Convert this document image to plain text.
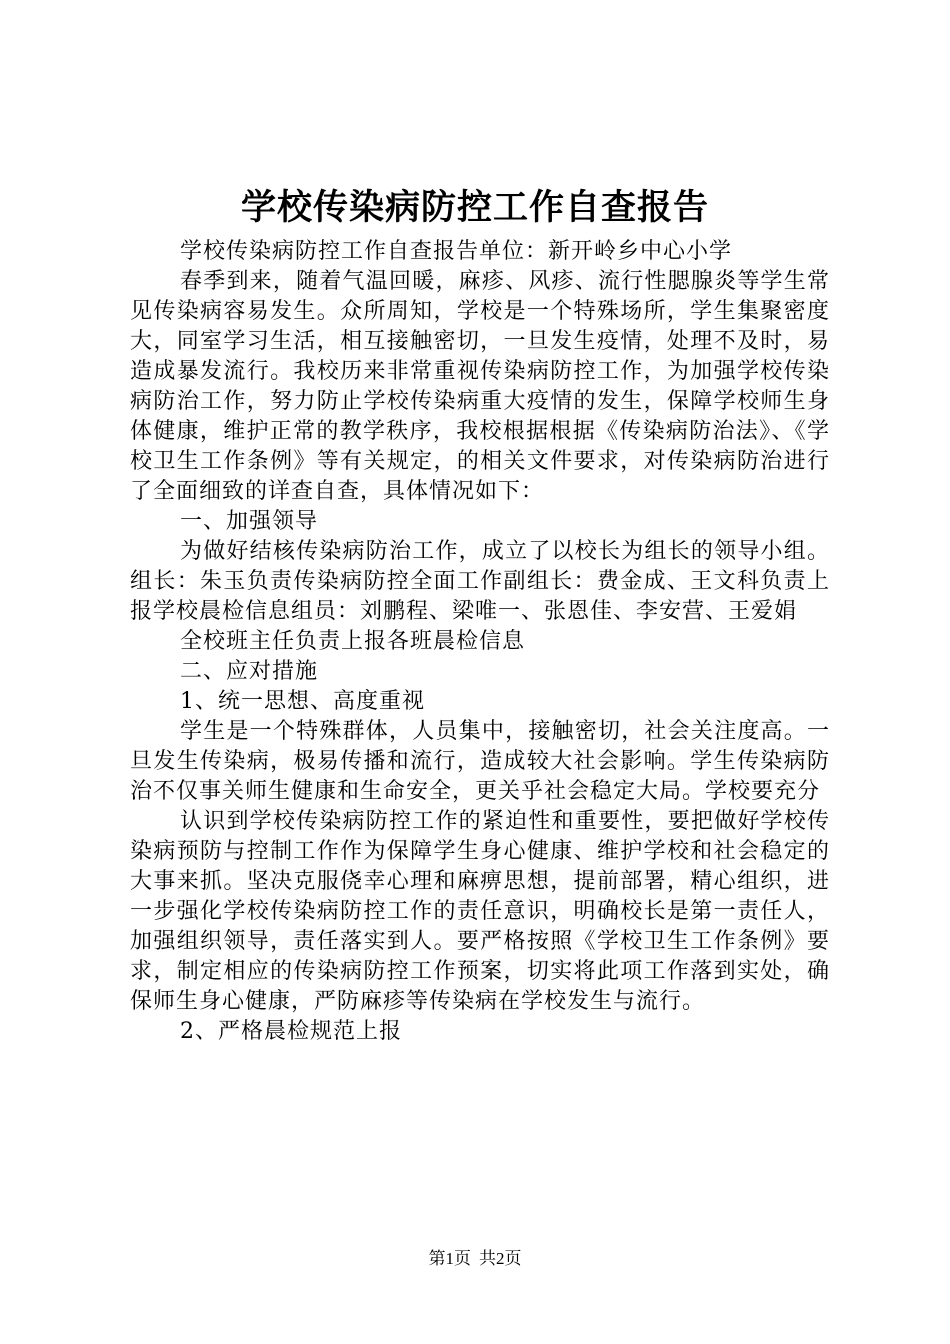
学校传染病防控工作自查报告

学校传染病防控工作自查报告单位：新开岭乡中心小学

春季到来，随着气温回暖，麻疹、风疹、流行性腮腺炎等学生常见传染病容易发生。众所周知，学校是一个特殊场所，学生集聚密度大，同室学习生活，相互接触密切，一旦发生疫情，处理不及时，易造成暴发流行。我校历来非常重视传染病防控工作，为加强学校传染病防治工作，努力防止学校传染病重大疫情的发生，保障学校师生身体健康，维护正常的教学秩序，我校根据根据《传染病防治法》、《学校卫生工作条例》等有关规定，的相关文件要求，对传染病防治进行了全面细致的详查自查，具体情况如下：

一、加强领导

为做好结核传染病防治工作，成立了以校长为组长的领导小组。组长：朱玉负责传染病防控全面工作副组长：费金成、王文科负责上报学校晨检信息组员：刘鹏程、梁唯一、张恩佳、李安营、王爱娟

全校班主任负责上报各班晨检信息

二、应对措施

1、统一思想、高度重视

学生是一个特殊群体，人员集中，接触密切，社会关注度高。一旦发生传染病，极易传播和流行，造成较大社会影响。学生传染病防治不仅事关师生健康和生命安全，更关乎社会稳定大局。学校要充分

认识到学校传染病防控工作的紧迫性和重要性，要把做好学校传染病预防与控制工作作为保障学生身心健康、维护学校和社会稳定的大事来抓。坚决克服侥幸心理和麻痹思想，提前部署，精心组织，进一步强化学校传染病防控工作的责任意识，明确校长是第一责任人，加强组织领导，责任落实到人。要严格按照《学校卫生工作条例》要求，制定相应的传染病防控工作预案，切实将此项工作落到实处，确保师生身心健康，严防麻疹等传染病在学校发生与流行。

2、严格晨检规范上报

第1页 共2页
